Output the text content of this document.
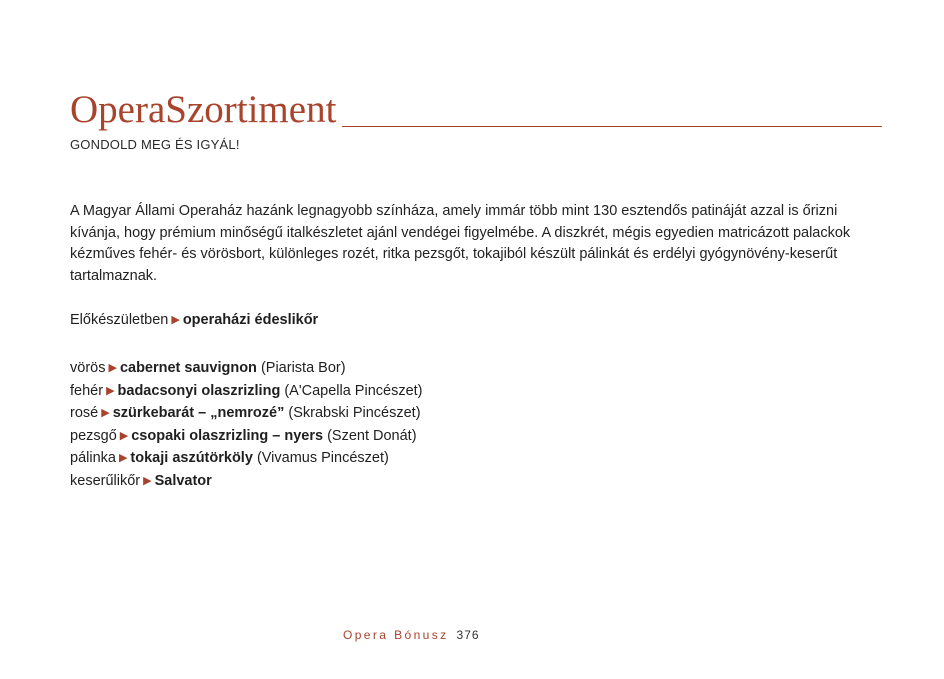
OperaSzortiment
GONDOLD MEG ÉS IGYÁL!

A Magyar Állami Operaház hazánk legnagyobb színháza, amely immár több mint 130 esztendős patináját azzal is őrizni kívánja, hogy prémium minőségű italkészletet ajánl vendégei figyelmébe. A diszkrét, mégis egyedien matricázott palackok kézműves fehér- és vörösbort, különleges rozét, ritka pezsgőt, tokajiból készült pálinkát és erdélyi gyógynövény-keserűt tartalmaznak.

Előkészületben ▶ operaházi édeslikőr
vörös ▶ cabernet sauvignon (Piarista Bor)
fehér ▶ badacsonyi olaszrizling (A'Capella Pincészet)
rosé ▶ szürkebarát – „nemrozé” (Skrabski Pincészet)
pezsgő ▶ csopaki olaszrizling – nyers (Szent Donát)
pálinka ▶ tokaji aszútörköly (Vivamus Pincészet)
keserűlikőr ▶ Salvator
Opera Bónusz 376
